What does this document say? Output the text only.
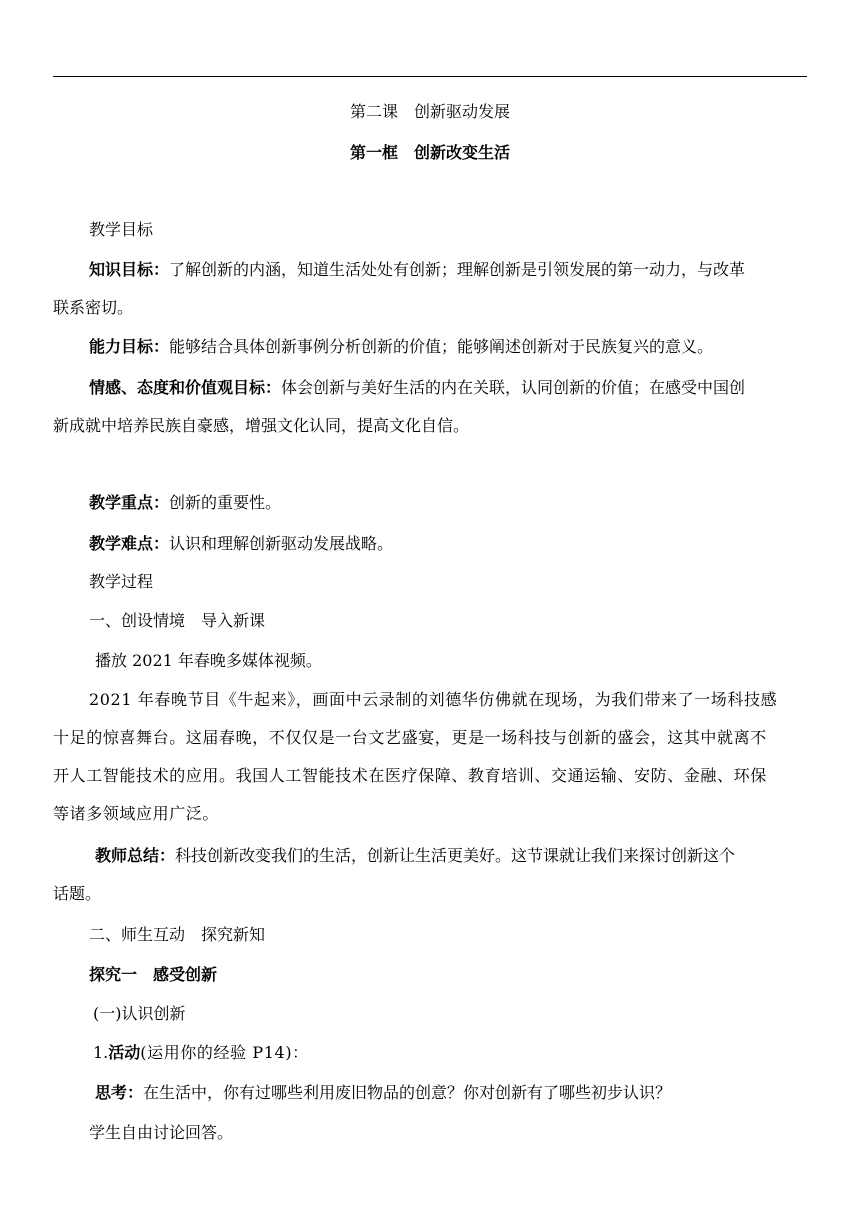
第二课　创新驱动发展
第一框　创新改变生活
教学目标
知识目标：了解创新的内涵，知道生活处处有创新；理解创新是引领发展的第一动力，与改革
联系密切。
能力目标：能够结合具体创新事例分析创新的价值；能够阐述创新对于民族复兴的意义。
情感、态度和价值观目标：体会创新与美好生活的内在关联，认同创新的价值；在感受中国创
新成就中培养民族自豪感，增强文化认同，提高文化自信。
教学重点：创新的重要性。
教学难点：认识和理解创新驱动发展战略。
教学过程
一、创设情境　导入新课
播放 2021 年春晚多媒体视频。
2021 年春晚节目《牛起来》，画面中云录制的刘德华仿佛就在现场，为我们带来了一场科技感
十足的惊喜舞台。这届春晚，不仅仅是一台文艺盛宴，更是一场科技与创新的盛会，这其中就离不
开人工智能技术的应用。我国人工智能技术在医疗保障、教育培训、交通运输、安防、金融、环保
等诸多领域应用广泛。
教师总结：科技创新改变我们的生活，创新让生活更美好。这节课就让我们来探讨创新这个
话题。
二、师生互动　探究新知
探究一　感受创新
(一)认识创新
1.活动(运用你的经验 P14)：
思考：在生活中，你有过哪些利用废旧物品的创意？你对创新有了哪些初步认识？
学生自由讨论回答。
